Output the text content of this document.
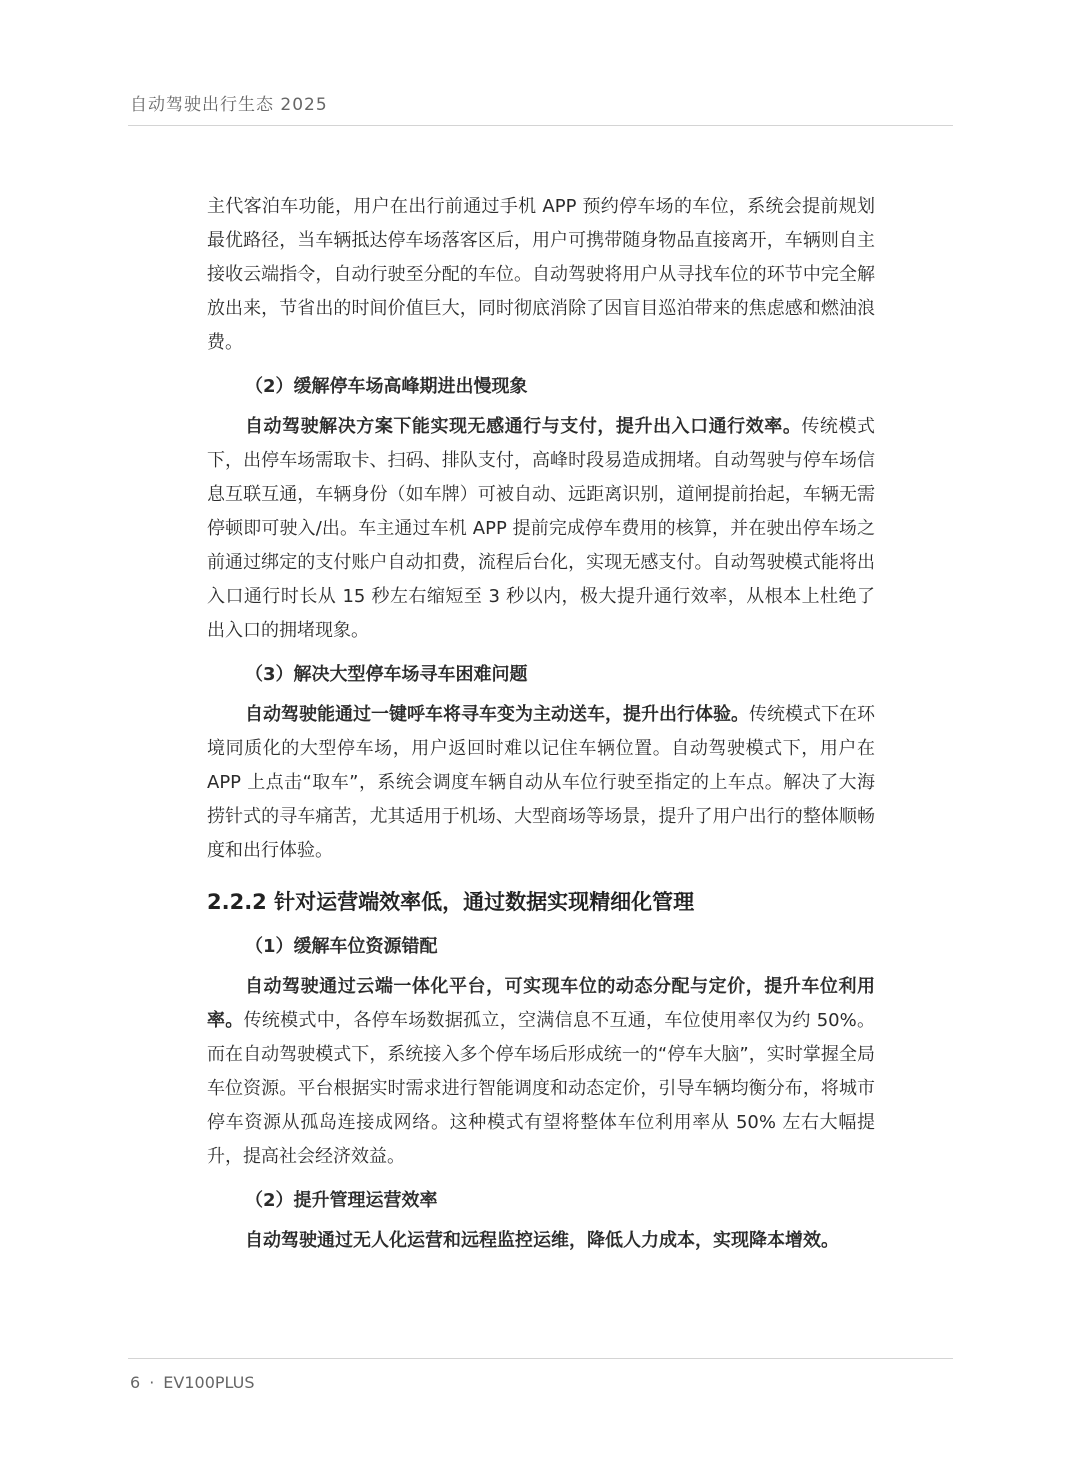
自动驾驶出行生态 2025

主代客泊车功能，用户在出行前通过手机 APP 预约停车场的车位，系统会提前规划最优路径，当车辆抵达停车场落客区后，用户可携带随身物品直接离开，车辆则自主接收云端指令，自动行驶至分配的车位。自动驾驶将用户从寻找车位的环节中完全解放出来，节省出的时间价值巨大，同时彻底消除了因盲目巡泊带来的焦虑感和燃油浪费。

（2）缓解停车场高峰期进出慢现象

自动驾驶解决方案下能实现无感通行与支付，提升出入口通行效率。传统模式下，出停车场需取卡、扫码、排队支付，高峰时段易造成拥堵。自动驾驶与停车场信息互联互通，车辆身份（如车牌）可被自动、远距离识别，道闸提前抬起，车辆无需停顿即可驶入/出。车主通过车机 APP 提前完成停车费用的核算，并在驶出停车场之前通过绑定的支付账户自动扣费，流程后台化，实现无感支付。自动驾驶模式能将出入口通行时长从 15 秒左右缩短至 3 秒以内，极大提升通行效率，从根本上杜绝了出入口的拥堵现象。

（3）解决大型停车场寻车困难问题

自动驾驶能通过一键呼车将寻车变为主动送车，提升出行体验。传统模式下在环境同质化的大型停车场，用户返回时难以记住车辆位置。自动驾驶模式下，用户在 APP 上点击“取车”，系统会调度车辆自动从车位行驶至指定的上车点。解决了大海捞针式的寻车痛苦，尤其适用于机场、大型商场等场景，提升了用户出行的整体顺畅度和出行体验。

2.2.2 针对运营端效率低，通过数据实现精细化管理
（1）缓解车位资源错配

自动驾驶通过云端一体化平台，可实现车位的动态分配与定价，提升车位利用率。传统模式中，各停车场数据孤立，空满信息不互通，车位使用率仅为约 50%。而在自动驾驶模式下，系统接入多个停车场后形成统一的“停车大脑”，实时掌握全局车位资源。平台根据实时需求进行智能调度和动态定价，引导车辆均衡分布，将城市停车资源从孤岛连接成网络。这种模式有望将整体车位利用率从 50% 左右大幅提升，提高社会经济效益。

（2）提升管理运营效率

自动驾驶通过无人化运营和远程监控运维，降低人力成本，实现降本增效。

6 · EV100PLUS
